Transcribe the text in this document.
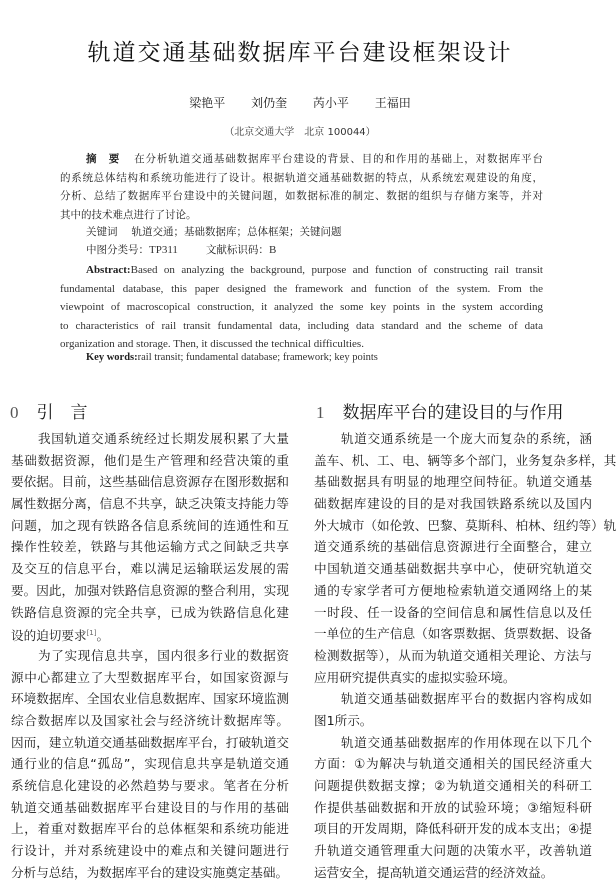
轨道交通基础数据库平台建设框架设计
梁艳平 刘仍奎 芮小平 王福田
（北京交通大学　北京 100044）
摘　要 在分析轨道交通基础数据库平台建设的背景、目的和作用的基础上，对数据库平台
的系统总体结构和系统功能进行了设计。根据轨道交通基础数据的特点，从系统宏观建设的角度，
分析、总结了数据库平台建设中的关键问题，如数据标准的制定、数据的组织与存储方案等，并对
其中的技术难点进行了讨论。
关键词 轨道交通；基础数据库；总体框架；关键问题
中图分类号：TP311	文献标识码：B
Abstract:Based on analyzing the background, purpose and function of constructing rail transit
fundamental database, this paper designed the framework and function of the system. From the
viewpoint of macroscopical construction, it analyzed the some key points in the system according
to characteristics of rail transit fundamental data, including data standard and the scheme of data
organization and storage. Then, it discussed the technical difficulties.
Key words:rail transit; fundamental database; framework; key points
0 引　言	1 数据库平台的建设目的与作用
我国轨道交通系统经过长期发展积累了大量
基础数据资源，他们是生产管理和经营决策的重
要依据。目前，这些基础信息资源存在图形数据和
属性数据分离，信息不共享，缺乏决策支持能力等
问题，加之现有铁路各信息系统间的连通性和互
操作性较差，铁路与其他运输方式之间缺乏共享
及交互的信息平台，难以满足运输联运发展的需
要。因此，加强对铁路信息资源的整合利用，实现
铁路信息资源的完全共享，已成为铁路信息化建
设的迫切要求[1]。
为了实现信息共享，国内很多行业的数据资
源中心都建立了大型数据库平台，如国家资源与
环境数据库、全国农业信息数据库、国家环境监测
综合数据库以及国家社会与经济统计数据库等。
因而，建立轨道交通基础数据库平台，打破轨道交
通行业的信息“孤岛”，实现信息共享是轨道交通
系统信息化建设的必然趋势与要求。笔者在分析
轨道交通基础数据库平台建设目的与作用的基础
上，着重对数据库平台的总体框架和系统功能进
行设计，并对系统建设中的难点和关键问题进行
分析与总结，为数据库平台的建设实施奠定基础。
轨道交通系统是一个庞大而复杂的系统，涵
盖车、机、工、电、辆等多个部门，业务复杂多样，其
基础数据具有明显的地理空间特征。轨道交通基
础数据库建设的目的是对我国铁路系统以及国内
外大城市（如伦敦、巴黎、莫斯科、柏林、纽约等）轨
道交通系统的基础信息资源进行全面整合，建立
中国轨道交通基础数据共享中心，使研究轨道交
通的专家学者可方便地检索轨道交通网络上的某
一时段、任一设备的空间信息和属性信息以及任
一单位的生产信息（如客票数据、货票数据、设备
检测数据等），从而为轨道交通相关理论、方法与
应用研究提供真实的虚拟实验环境。
轨道交通基础数据库平台的数据内容构成如
图1所示。
轨道交通基础数据库的作用体现在以下几个
方面：①为解决与轨道交通相关的国民经济重大
问题提供数据支撑；②为轨道交通相关的科研工
作提供基础数据和开放的试验环境；③缩短科研
项目的开发周期，降低科研开发的成本支出；④提
升轨道交通管理重大问题的决策水平，改善轨道
运营安全，提高轨道交通运营的经济效益。
